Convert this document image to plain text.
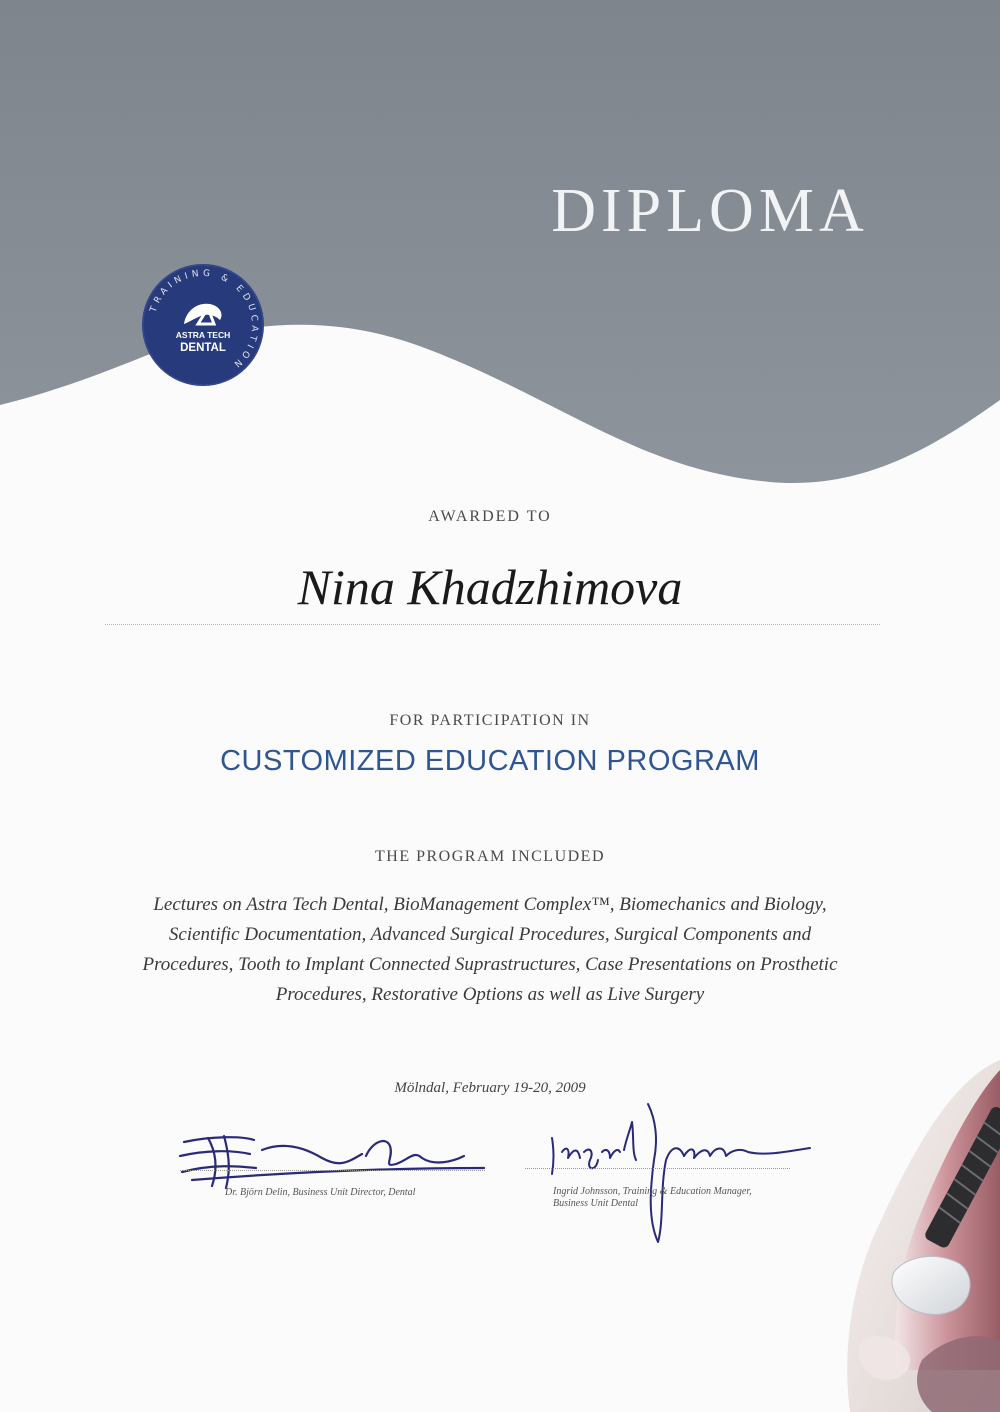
DIPLOMA
TRAINING & EDUCATION
ASTRA TECH
DENTAL
AWARDED TO
Nina Khadzhimova
FOR PARTICIPATION IN
CUSTOMIZED EDUCATION PROGRAM
THE PROGRAM INCLUDED
Lectures on Astra Tech Dental, BioManagement Complex™, Biomechanics and Biology,
Scientific Documentation, Advanced Surgical Procedures, Surgical Components and
Procedures, Tooth to Implant Connected Suprastructures, Case Presentations on Prosthetic
Procedures, Restorative Options as well as Live Surgery
Mölndal, February 19-20, 2009
Dr. Björn Delin, Business Unit Director, Dental	Ingrid Johnsson, Training & Education Manager,
Business Unit Dental
